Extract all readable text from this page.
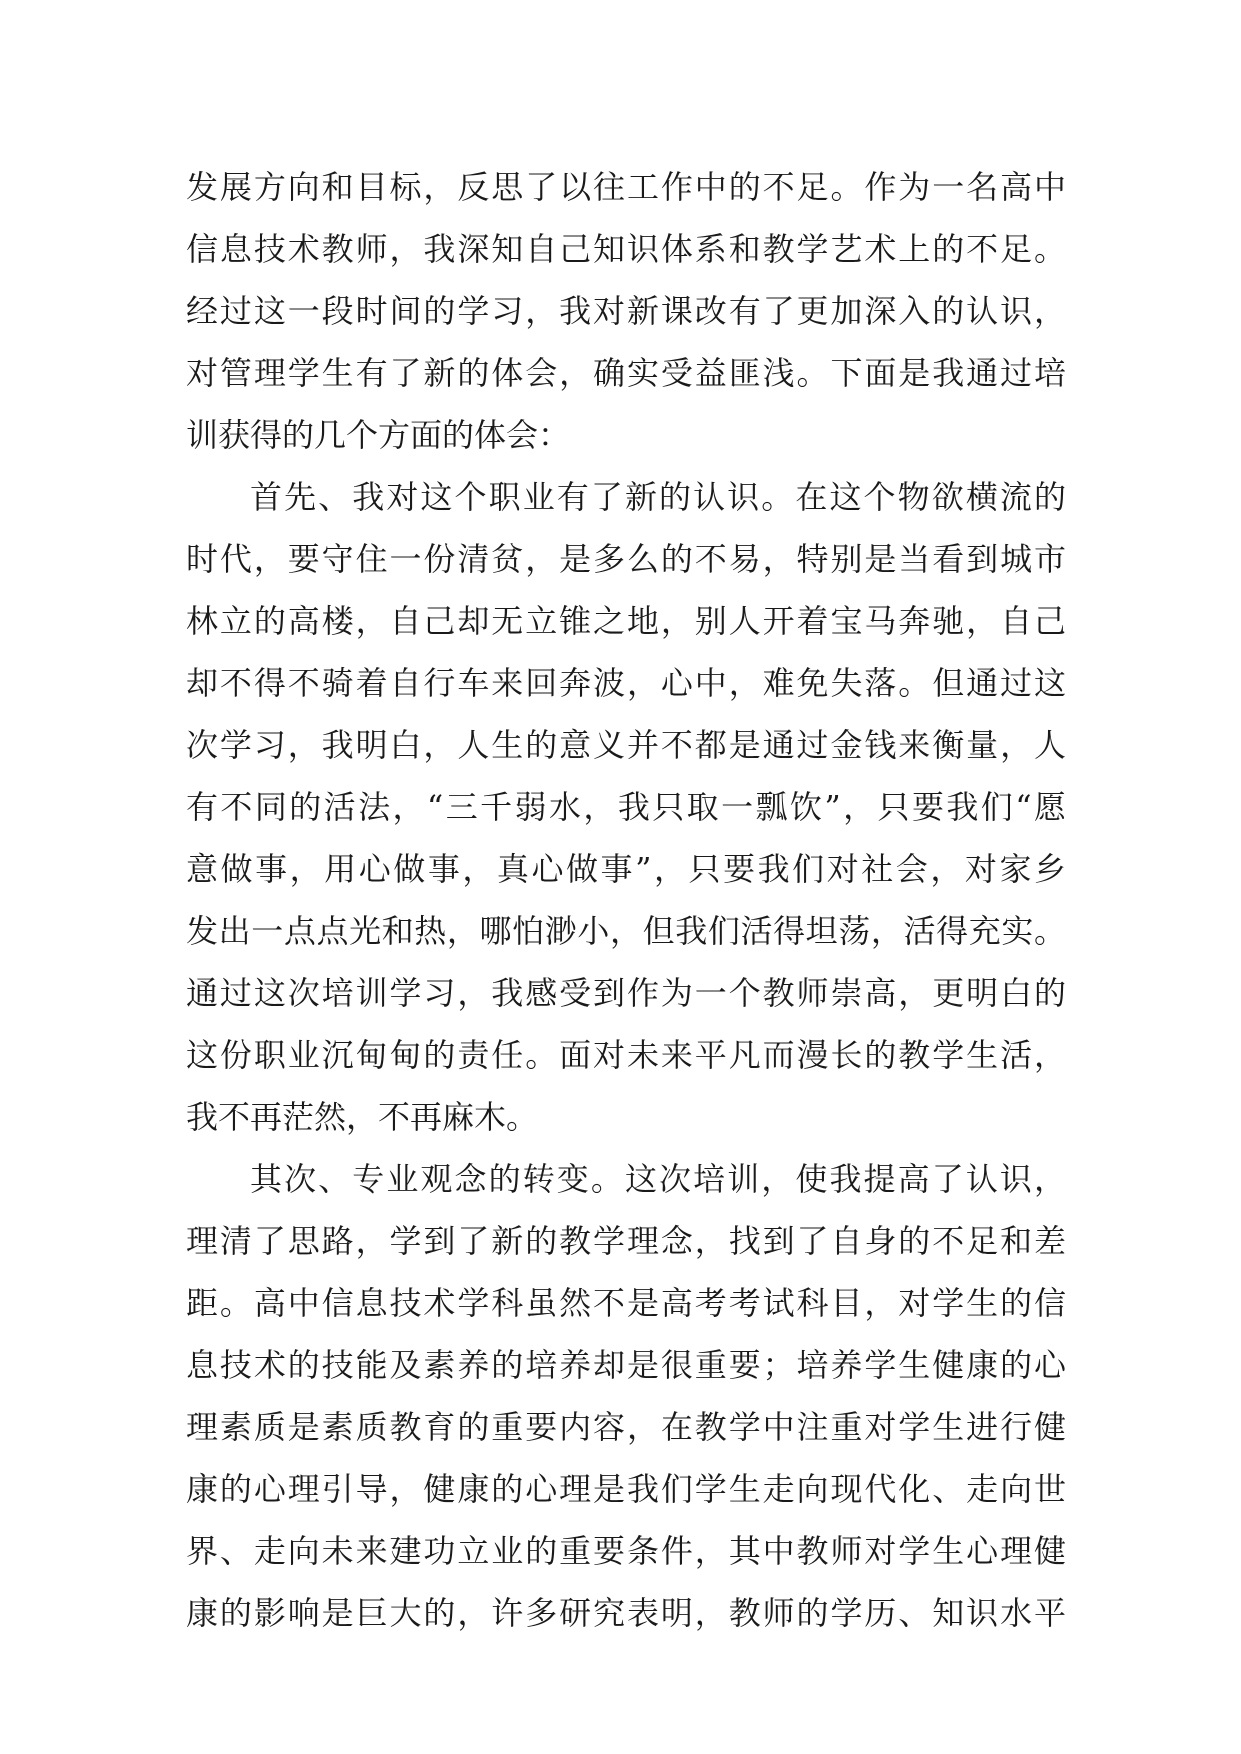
发展方向和目标，反思了以往工作中的不足。作为一名高中
信息技术教师，我深知自己知识体系和教学艺术上的不足。
经过这一段时间的学习，我对新课改有了更加深入的认识，
对管理学生有了新的体会，确实受益匪浅。下面是我通过培
训获得的几个方面的体会：
首先、我对这个职业有了新的认识。在这个物欲横流的
时代，要守住一份清贫，是多么的不易，特别是当看到城市
林立的高楼，自己却无立锥之地，别人开着宝马奔驰，自己
却不得不骑着自行车来回奔波，心中，难免失落。但通过这
次学习，我明白，人生的意义并不都是通过金钱来衡量，人
有不同的活法，“三千弱水，我只取一瓢饮”，只要我们“愿
意做事，用心做事，真心做事”，只要我们对社会，对家乡
发出一点点光和热，哪怕渺小，但我们活得坦荡，活得充实。
通过这次培训学习，我感受到作为一个教师崇高，更明白的
这份职业沉甸甸的责任。面对未来平凡而漫长的教学生活，
我不再茫然，不再麻木。
其次、专业观念的转变。这次培训，使我提高了认识，
理清了思路，学到了新的教学理念，找到了自身的不足和差
距。高中信息技术学科虽然不是高考考试科目，对学生的信
息技术的技能及素养的培养却是很重要；培养学生健康的心
理素质是素质教育的重要内容，在教学中注重对学生进行健
康的心理引导，健康的心理是我们学生走向现代化、走向世
界、走向未来建功立业的重要条件，其中教师对学生心理健
康的影响是巨大的，许多研究表明，教师的学历、知识水平
